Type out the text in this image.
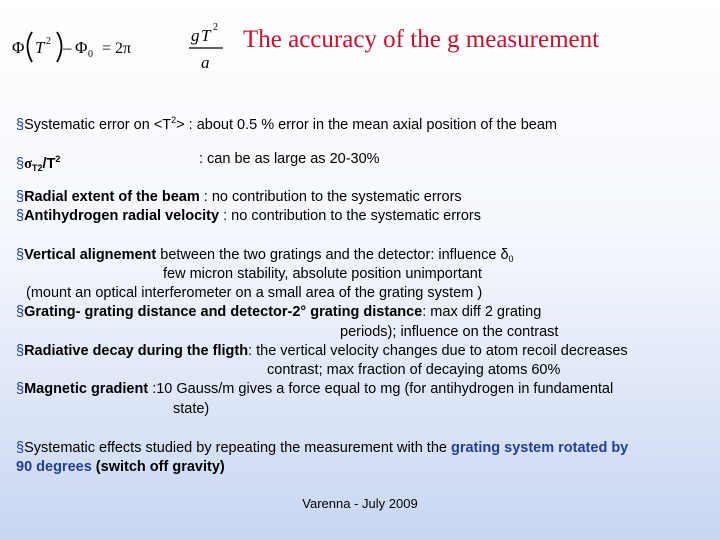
Φ T 2 – Φ 0 = 2π
g T 2
a
The accuracy of the g measurement
§Systematic error on $<T^2>$ : about 0.5 % error in the mean axial position of the beam
$\S\sigma_{T2}/T^2$	: can be as large as 20-30%
§Radial extent of the beam : no contribution to the systematic errors
§Antihydrogen radial velocity : no contribution to the systematic errors
§Vertical alignement between the two gratings and the detector: influence $\delta_0$
few micron stability, absolute position unimportant
(mount an optical interferometer on a small area of the grating system )
§Grating- grating distance and detector-2° grating distance: max diff 2 grating
periods); influence on the contrast
§Radiative decay during the fligth: the vertical velocity changes due to atom recoil decreases
contrast; max fraction of decaying atoms 60%
§Magnetic gradient :10 Gauss/m gives a force equal to mg (for antihydrogen in fundamental
state)
§Systematic effects studied by repeating the measurement with the grating system rotated by
90 degrees (switch off gravity)
Varenna - July 2009
